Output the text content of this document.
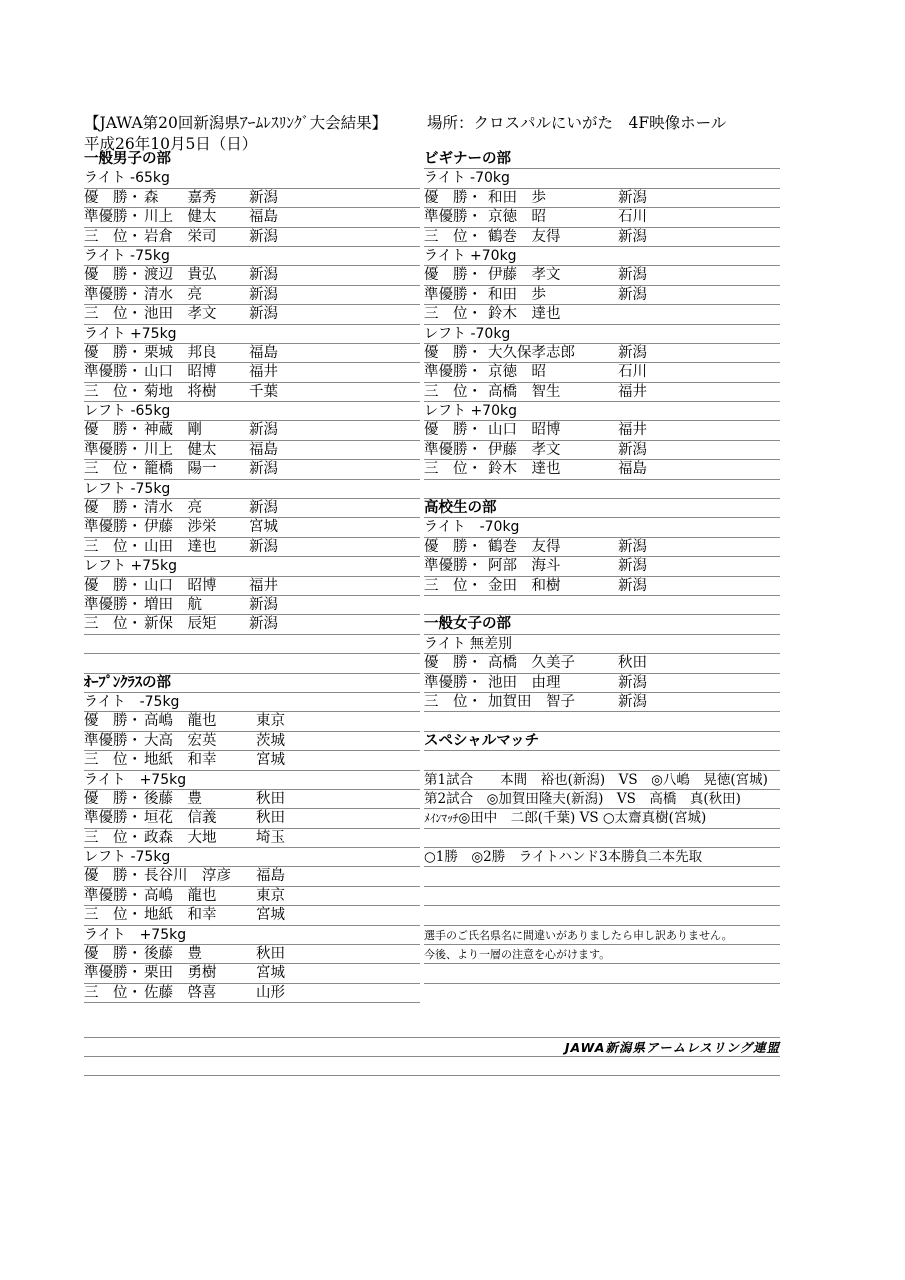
【JAWA第20回新潟県ｱｰﾑﾚｽﾘﾝｸﾞ大会結果】
平成26年10月5日（日）
場所：クロスパルにいがた　4F映像ホール
一般男子の部
ライト -65kg
優　勝・ 森　　嘉秀 新潟
準優勝・ 川上　健太 福島
三　位・ 岩倉　栄司 新潟
ライト -75kg
優　勝・ 渡辺　貴弘 新潟
準優勝・ 清水　亮	新潟
三　位・ 池田　孝文 新潟
ライト +75kg
優　勝・ 栗城　邦良 福島
準優勝・ 山口　昭博 福井
三　位・ 菊地　将樹 千葉
レフト -65kg
優　勝・ 神蔵　剛	新潟
準優勝・ 川上　健太 福島
三　位・ 籠橋　陽一 新潟
レフト -75kg
優　勝・ 清水　亮	新潟
準優勝・ 伊藤　渉栄 宮城
三　位・ 山田　達也 新潟
レフト +75kg
優　勝・ 山口　昭博 福井
準優勝・ 増田　航	新潟
三　位・ 新保　辰矩 新潟
ｵｰﾌﾟﾝｸﾗｽの部
ライト　-75kg
優　勝・ 高嶋　龍也	東京
準優勝・ 大高　宏英	茨城
三　位・ 地紙　和幸	宮城
ライト　+75kg
優　勝・ 後藤　豊	秋田
準優勝・ 垣花　信義	秋田
三　位・ 政森　大地	埼玉
レフト -75kg
優　勝・ 長谷川　淳彦 福島
準優勝・ 高嶋　龍也	東京
三　位・ 地紙　和幸	宮城
ライト　+75kg
優　勝・ 後藤　豊	秋田
準優勝・ 栗田　勇樹	宮城
三　位・ 佐藤　啓喜	山形
ビギナーの部
ライト -70kg
優　勝・ 和田　歩	新潟
準優勝・ 京徳　昭	石川
三　位・ 鶴巻　友得	新潟
ライト +70kg
優　勝・ 伊藤　孝文	新潟
準優勝・ 和田　歩	新潟
三　位・ 鈴木　達也
レフト -70kg
優　勝・ 大久保孝志郎	新潟
準優勝・ 京徳　昭	石川
三　位・ 高橋　智生	福井
レフト +70kg
優　勝・ 山口　昭博	福井
準優勝・ 伊藤　孝文	新潟
三　位・ 鈴木　達也	福島
高校生の部
ライト　-70kg
優　勝・ 鶴巻　友得	新潟
準優勝・ 阿部　海斗	新潟
三　位・ 金田　和樹	新潟
一般女子の部
ライト 無差別
優　勝・ 高橋　久美子	秋田
準優勝・ 池田　由理	新潟
三　位・ 加賀田　智子	新潟
スペシャルマッチ
第1試合　　本間　裕也(新潟)　VS　◎八嶋　晃徳(宮城)
第2試合　◎加賀田隆夫(新潟)　VS　高橋　真(秋田)
ﾒｲﾝﾏｯﾁ◎田中　二郎(千葉) VS ○太齋真樹(宮城)
○1勝　◎2勝　ライトハンド3本勝負二本先取
選手のご氏名県名に間違いがありましたら申し訳ありません。
今後、より一層の注意を心がけます。
JAWA新潟県アームレスリング連盟
